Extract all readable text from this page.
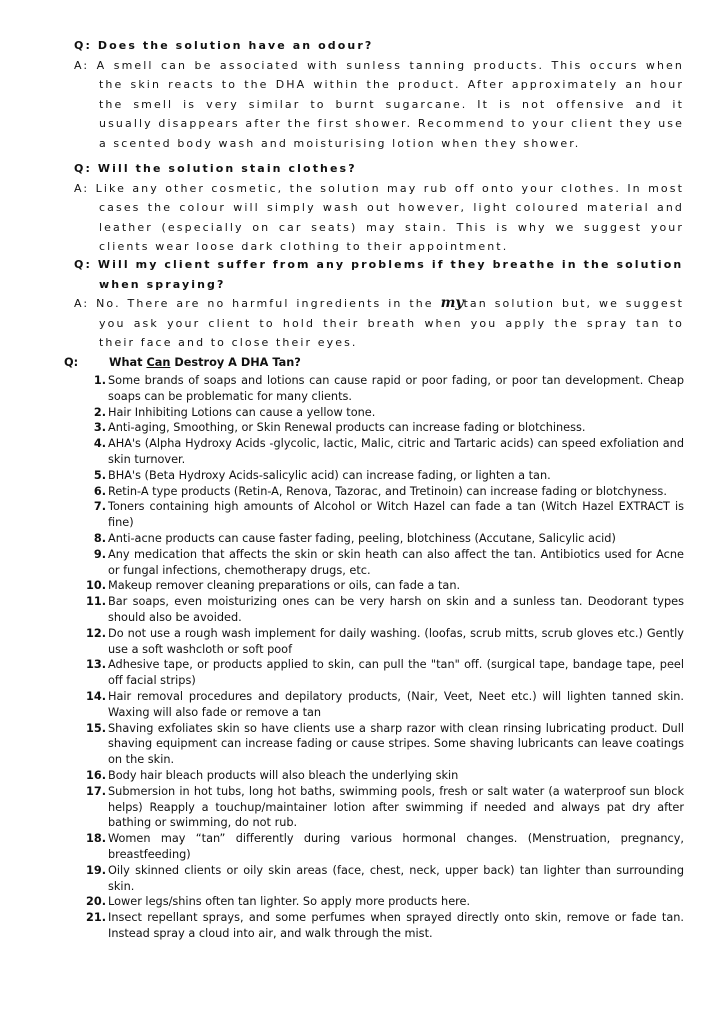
Q: Does the solution have an odour?

A: A smell can be associated with sunless tanning products. This occurs when the skin reacts to the DHA within the product. After approximately an hour the smell is very similar to burnt sugarcane. It is not offensive and it usually disappears after the first shower. Recommend to your client they use a scented body wash and moisturising lotion when they shower.

Q: Will the solution stain clothes?

A: Like any other cosmetic, the solution may rub off onto your clothes. In most cases the colour will simply wash out however, light coloured material and leather (especially on car seats) may stain. This is why we suggest your clients wear loose dark clothing to their appointment.

Q: Will my client suffer from any problems if they breathe in the solution when spraying?

A: No. There are no harmful ingredients in the mytan solution but, we suggest you ask your client to hold their breath when you apply the spray tan to their face and to close their eyes.

Q:	What Can Destroy A DHA Tan?
1. Some brands of soaps and lotions can cause rapid or poor fading, or poor tan development. Cheap soaps can be problematic for many clients.
2. Hair Inhibiting Lotions can cause a yellow tone.
3. Anti-aging, Smoothing, or Skin Renewal products can increase fading or blotchiness.
4. AHA's (Alpha Hydroxy Acids -glycolic, lactic, Malic, citric and Tartaric acids) can speed exfoliation and skin turnover.
5. BHA's (Beta Hydroxy Acids-salicylic acid) can increase fading, or lighten a tan.
6. Retin-A type products (Retin-A, Renova, Tazorac, and Tretinoin) can increase fading or blotchyness.
7. Toners containing high amounts of Alcohol or Witch Hazel can fade a tan (Witch Hazel EXTRACT is fine)
8. Anti-acne products can cause faster fading, peeling, blotchiness (Accutane, Salicylic acid)
9. Any medication that affects the skin or skin heath can also affect the tan. Antibiotics used for Acne or fungal infections, chemotherapy drugs, etc.
10. Makeup remover cleaning preparations or oils, can fade a tan.
11. Bar soaps, even moisturizing ones can be very harsh on skin and a sunless tan. Deodorant types should also be avoided.
12. Do not use a rough wash implement for daily washing. (loofas, scrub mitts, scrub gloves etc.) Gently use a soft washcloth or soft poof
13. Adhesive tape, or products applied to skin, can pull the "tan" off. (surgical tape, bandage tape, peel off facial strips)
14. Hair removal procedures and depilatory products, (Nair, Veet, Neet etc.) will lighten tanned skin. Waxing will also fade or remove a tan
15. Shaving exfoliates skin so have clients use a sharp razor with clean rinsing lubricating product. Dull shaving equipment can increase fading or cause stripes. Some shaving lubricants can leave coatings on the skin.
16. Body hair bleach products will also bleach the underlying skin
17. Submersion in hot tubs, long hot baths, swimming pools, fresh or salt water (a waterproof sun block helps) Reapply a touchup/maintainer lotion after swimming if needed and always pat dry after bathing or swimming, do not rub.
18. Women may “tan” differently during various hormonal changes. (Menstruation, pregnancy, breastfeeding)
19. Oily skinned clients or oily skin areas (face, chest, neck, upper back) tan lighter than surrounding skin.
20. Lower legs/shins often tan lighter. So apply more products here.
21. Insect repellant sprays, and some perfumes when sprayed directly onto skin, remove or fade tan. Instead spray a cloud into air, and walk through the mist.
